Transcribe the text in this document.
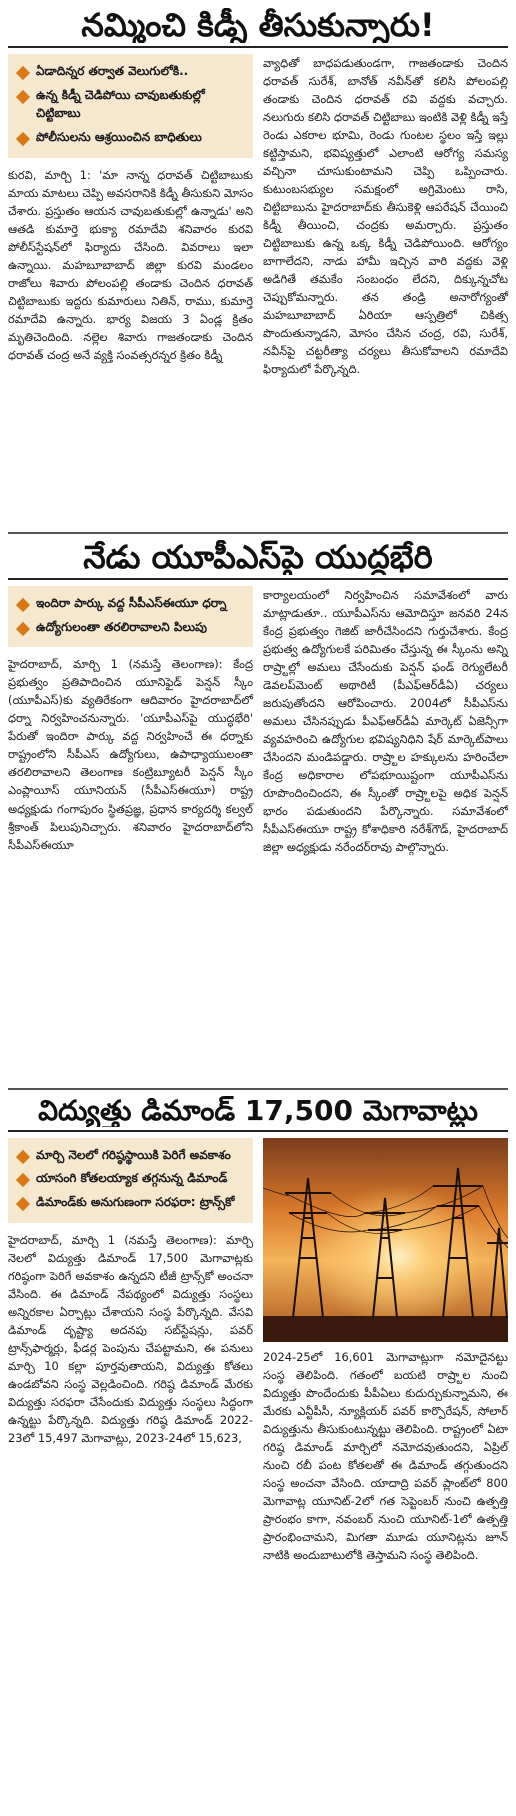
నమ్మించి కిడ్నీ తీసుకున్నారు!
ఏడాదిన్నర తర్వాత వెలుగులోకి..
ఉన్న కిడ్నీ చెడిపోయి చావుబతుకుల్లో చిట్టిబాబు
పోలీసులను ఆశ్రయించిన బాధితులు

కురవి, మార్చి 1: 'మా నాన్న ధరావత్ చిట్టిబాబుకు మాయ మాటలు చెప్పి అవసరానికి కిడ్నీ తీసుకుని మోసం చేశారు. ప్రస్తుతం ఆయన చావుబతుకుల్లో ఉన్నాడు' అని ఆతడి కుమార్తె భుక్యా రమాదేవి శనివారం కురవి పోలీస్‌స్టేషన్‌లో ఫిర్యాదు చేసింది. వివరాలు ఇలా ఉన్నాయి. మహబూబాబాద్ జిల్లా కురవి మండలం రాజోలు శివారు పోలంపల్లి తండాకు చెందిన ధరావత్ చిట్టిబాబుకు ఇద్దరు కుమారులు నితిన్, రాము, కుమార్తె రమాదేవి ఉన్నారు. భార్య విజయ 3 ఏండ్ల క్రితం మృతిచెందింది. నల్లెల శివారు గాజతండాకు చెందిన ధరావత్ చంద్ర అనే వ్యక్తి సంవత్సరన్నర క్రితం కిడ్నీ

వ్యాధితో బాధపడుతుండగా, గాజతండాకు చెందిన ధరావత్ సురేశ్, బానోత్ నవీన్‌తో కలిసి పోలంపల్లి తండాకు చెందిన ధరావత్ రవి వద్దకు వచ్చారు. నలుగురు కలిసి ధరావత్ చిట్టిబాబు ఇంటికి వెళ్లి కిడ్నీ ఇస్తే రెండు ఎకరాల భూమి, రెండు గుంటల స్థలం ఇస్తే ఇల్లు కట్టిస్తామని, భవిష్యత్తులో ఎలాంటి ఆరోగ్య సమస్య వచ్చినా చూసుకుంటామని చెప్పి ఒప్పించారు. కుటుంబసభ్యుల సమక్షంలో అగ్రిమెంటు రాసి, చిట్టిబాబును హైదరాబాద్‌కు తీసుకెళ్లి ఆపరేషన్ చేయించి కిడ్నీ తీయించి, చంద్రకు అమర్చారు. ప్రస్తుతం చిట్టిబాబుకు ఉన్న ఒక్క కిడ్నీ చెడిపోయింది. ఆరోగ్యం బాగాలేదని, నాడు హామీ ఇచ్చిన వారి వద్దకు వెళ్లి అడిగితే తమకేం సంబంధం లేదని, దిక్కున్నచోట చెప్పుకోమన్నారు. తన తండ్రి అనారోగ్యంతో మహబూబాబాద్ ఏరియా ఆస్పత్రిలో చికిత్స పొందుతున్నాడని, మోసం చేసిన చంద్ర, రవి, సురేశ్, నవీన్‌పై చట్టరీత్యా చర్యలు తీసుకోవాలని రమాదేవి ఫిర్యాదులో పేర్కొన్నది.

నేడు యూపీఎస్‌పై యుద్ధభేరి
ఇందిరా పార్కు వద్ద సీపీఎస్‌ఈయూ ధర్నా
ఉద్యోగులంతా తరలిరావాలని పిలుపు

హైదరాబాద్, మార్చి 1 (నమస్తే తెలంగాణ): కేంద్ర ప్రభుత్వం ప్రతిపాదించిన యూనిఫైడ్ పెన్షన్ స్కీం (యూపీఎస్)కు వ్యతిరేకంగా ఆదివారం హైదరాబాద్‌లో ధర్నా నిర్వహించనున్నారు. 'యూపీఎస్‌పై యుద్ధభేరి' పేరుతో ఇందిరా పార్కు వద్ద నిర్వహించే ఈ ధర్నాకు రాష్ట్రంలోని సీపీఎస్ ఉద్యోగులు, ఉపాధ్యాయులంతా తరలిరావాలని తెలంగాణ కంట్రిబ్యూటరీ పెన్షన్ స్కీం ఎంప్లాయీస్ యూనియన్ (సీపీఎస్‌ఈయూ) రాష్ట్ర అధ్యక్షుడు గంగాపురం స్థితప్రజ్ఞ, ప్రధాన కార్యదర్శి కల్వల్ శ్రీకాంత్ పిలుపునిచ్చారు. శనివారం హైదరాబాద్‌లోని సీపీఎస్‌ఈయూ

కార్యాలయంలో నిర్వహించిన సమావేశంలో వారు మాట్లాడుతూ.. యూపీఎస్‌ను ఆమోదిస్తూ జనవరి 24న కేంద్ర ప్రభుత్వం గెజిట్ జారీచేసిందని గుర్తుచేశారు. కేంద్ర ప్రభుత్వ ఉద్యోగులకే పరిమితం చేస్తున్న ఈ స్కీంను అన్ని రాష్ర్టాల్లో అమలు చేసేందుకు పెన్షన్ ఫండ్ రెగ్యులేటరీ డెవలప్‌మెంట్ అథారిటీ (పీఎఫ్‌ఆర్‌డీఏ) చర్యలు జరుపుతోందని ఆరోపించారు. 2004లో సీపీఎస్‌ను అమలు చేసినప్పుడు పీఎఫ్‌ఆర్‌డీఏ మార్కెట్ ఏజెన్సీగా వ్యవహరించి ఉద్యోగుల భవిష్యనిధిని షేర్ మార్కెట్‌పాలు చేసిందని మండిపడ్డారు. రాష్ర్టాల హక్కులను హరించేలా కేంద్ర అధికారాల లోపభూయిష్టంగా యూపీఎస్‌ను రూపొందించిందని, ఈ స్కీంతో రాష్ర్టాలపై అధిక పెన్షన్ భారం పడుతుందని పేర్కొన్నారు. సమావేశంలో సీపీఎస్‌ఈయూ రాష్ట్ర కోశాధికారి నరేశ్‌గౌడ్, హైదరాబాద్ జిల్లా అధ్యక్షుడు నరేందర్‌రావు పాల్గొన్నారు.

విద్యుత్తు డిమాండ్ 17,500 మెగావాట్లు
మార్చి నెలలో గరిష్ఠస్థాయికి పెరిగే అవకాశం
యాసంగి కోతలయ్యాక తగ్గనున్న డిమాండ్
డిమాండ్‌కు అనుగుణంగా సరఫరా: ట్రాన్స్‌కో

హైదరాబాద్, మార్చి 1 (నమస్తే తెలంగాణ): మార్చి నెలలో విద్యుత్తు డిమాండ్ 17,500 మెగావాట్లకు గరిష్ఠంగా పెరిగే అవకాశం ఉన్నదని టీజీ ట్రాన్స్‌కో అంచనా వేసింది. ఈ డిమాండ్ నేపథ్యంలో విద్యుత్తు సంస్థలు అన్నిరకాల ఏర్పాట్లు చేశాయని సంస్థ పేర్కొన్నది. వేసవి డిమాండ్ దృష్ట్యా అదనపు సబ్‌స్టేషన్లు, పవర్ ట్రాన్స్‌ఫార్మర్లు, ఫీడర్ల పెంపును చేపట్టామని, ఈ పనులు మార్చి 10 కల్లా పూర్తవుతాయని, విద్యుత్తు కోతలు ఉండబోవని సంస్థ వెల్లడించింది. గరిష్ఠ డిమాండ్ మేరకు విద్యుత్తు సరఫరా చేసేందుకు విద్యుత్తు సంస్థలు సిద్ధంగా ఉన్నట్టు పేర్కొన్నది. విద్యుత్తు గరిష్ఠ డిమాండ్ 2022-23లో 15,497 మెగావాట్లు, 2023-24లో 15,623,

2024-25లో 16,601 మెగావాట్లుగా నమోదైనట్టు సంస్థ తెలిపింది. గతంలో బయటి రాష్ర్టాల నుంచి విద్యుత్తు పొందేందుకు పీపీఏలు కుదుర్చుకున్నామని, ఈ మేరకు ఎన్టీపీసీ, న్యూక్లియర్ పవర్ కార్పొరేషన్, సోలార్ విద్యుత్తును తీసుకుంటున్నట్టు తెలిపింది. రాష్ట్రంలో ఏటా గరిష్ఠ డిమాండ్ మార్చిలో నమోదవుతుందని, ఏప్రిల్ నుంచి రబీ పంట కోతలతో ఈ డిమాండ్ తగ్గుతుందని సంస్థ అంచనా వేసింది. యాదాద్రి పవర్ ప్లాంట్‌లో 800 మెగావాట్ల యూనిట్-2లో గత సెప్టెంబర్ నుంచి ఉత్పత్తి ప్రారంభం కాగా, నవంబర్ నుంచి యూనిట్-1లో ఉత్పత్తి ప్రారంభించామని, మిగతా మూడు యూనిట్లను జూన్ నాటికి అందుబాటులోకి తెస్తామని సంస్థ తెలిపింది.
